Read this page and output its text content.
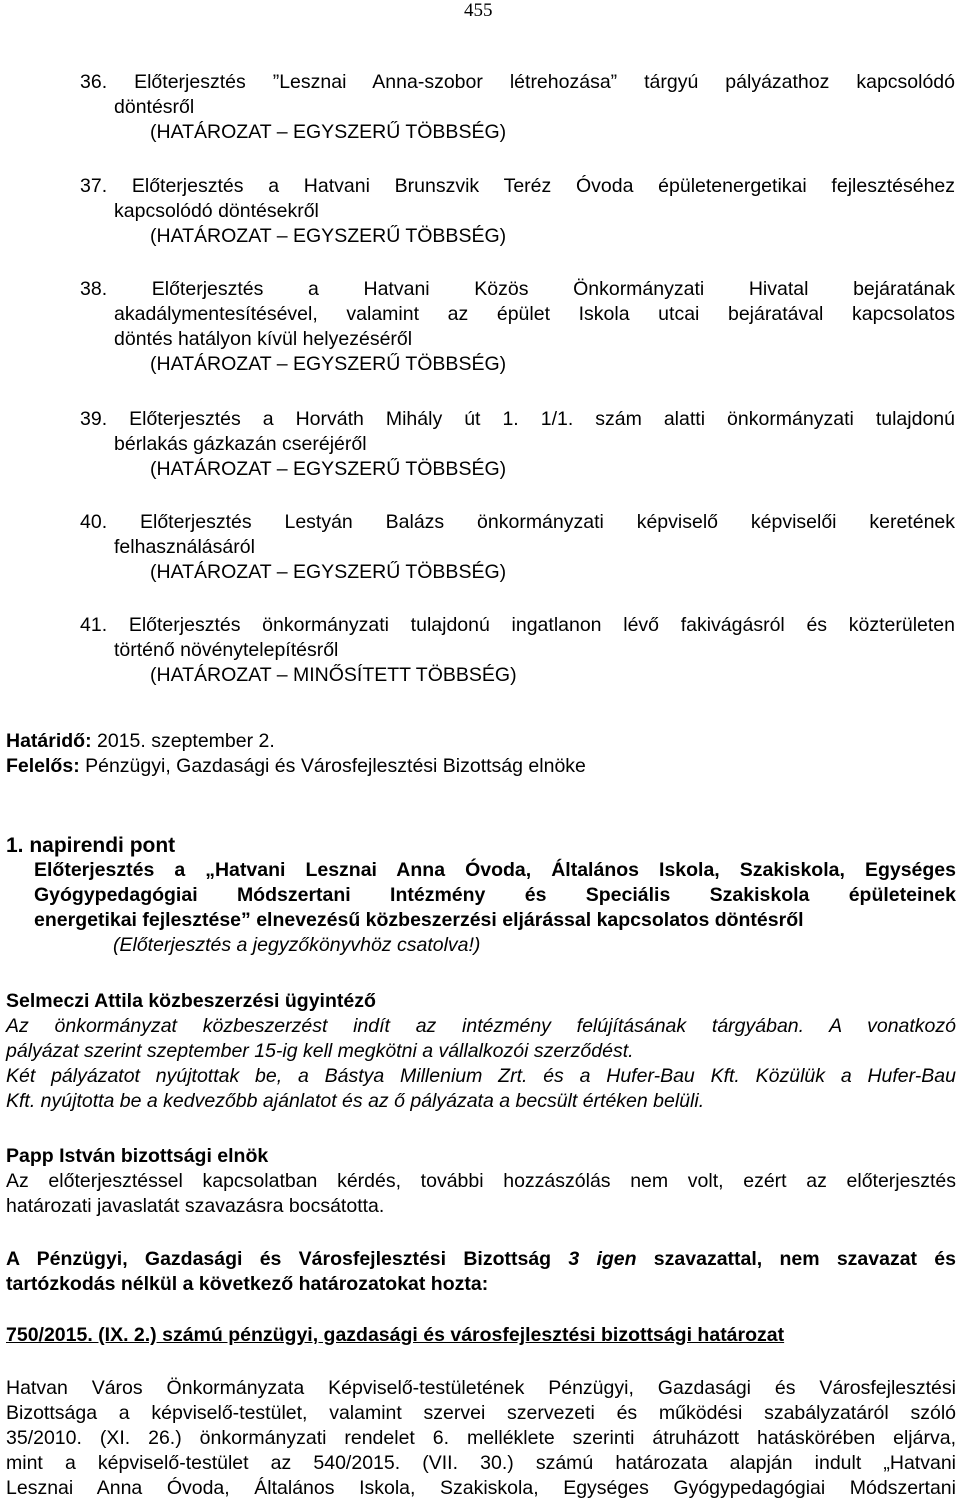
455
36. Előterjesztés ”Lesznai Anna-szobor létrehozása” tárgyú pályázathoz kapcsolódó
döntésről
(HATÁROZAT – EGYSZERŰ TÖBBSÉG)
37. Előterjesztés a Hatvani Brunszvik Teréz Óvoda épületenergetikai fejlesztéséhez
kapcsolódó döntésekről
(HATÁROZAT – EGYSZERŰ TÖBBSÉG)
38. Előterjesztés a Hatvani Közös Önkormányzati Hivatal bejáratának
akadálymentesítésével, valamint az épület Iskola utcai bejáratával kapcsolatos
döntés hatályon kívül helyezéséről
(HATÁROZAT – EGYSZERŰ TÖBBSÉG)
39. Előterjesztés a Horváth Mihály út 1. 1/1. szám alatti önkormányzati tulajdonú
bérlakás gázkazán cseréjéről
(HATÁROZAT – EGYSZERŰ TÖBBSÉG)
40. Előterjesztés Lestyán Balázs önkormányzati képviselő képviselői keretének
felhasználásáról
(HATÁROZAT – EGYSZERŰ TÖBBSÉG)
41. Előterjesztés önkormányzati tulajdonú ingatlanon lévő fakivágásról és közterületen
történő növénytelepítésről
(HATÁROZAT – MINŐSÍTETT TÖBBSÉG)
Határidő: 2015. szeptember 2.
Felelős: Pénzügyi, Gazdasági és Városfejlesztési Bizottság elnöke
1. napirendi pont
Előterjesztés a „Hatvani Lesznai Anna Óvoda, Általános Iskola, Szakiskola, Egységes
Gyógypedagógiai Módszertani Intézmény és Speciális Szakiskola épületeinek
energetikai fejlesztése” elnevezésű közbeszerzési eljárással kapcsolatos döntésről
(Előterjesztés a jegyzőkönyvhöz csatolva!)
Selmeczi Attila közbeszerzési ügyintéző
Az önkormányzat közbeszerzést indít az intézmény felújításának tárgyában. A vonatkozó
pályázat szerint szeptember 15-ig kell megkötni a vállalkozói szerződést.
Két pályázatot nyújtottak be, a Bástya Millenium Zrt. és a Hufer-Bau Kft. Közülük a Hufer-Bau
Kft. nyújtotta be a kedvezőbb ajánlatot és az ő pályázata a becsült értéken belüli.
Papp István bizottsági elnök
Az előterjesztéssel kapcsolatban kérdés, további hozzászólás nem volt, ezért az előterjesztés
határozati javaslatát szavazásra bocsátotta.
A Pénzügyi, Gazdasági és Városfejlesztési Bizottság 3 igen szavazattal, nem szavazat és
tartózkodás nélkül a következő határozatokat hozta:
750/2015. (IX. 2.) számú pénzügyi, gazdasági és városfejlesztési bizottsági határozat
Hatvan Város Önkormányzata Képviselő-testületének Pénzügyi, Gazdasági és Városfejlesztési
Bizottsága a képviselő-testület, valamint szervei szervezeti és működési szabályzatáról szóló
35/2010. (XI. 26.) önkormányzati rendelet 6. melléklete szerinti átruházott hatáskörében eljárva,
mint a képviselő-testület az 540/2015. (VII. 30.) számú határozata alapján indult „Hatvani
Lesznai Anna Óvoda, Általános Iskola, Szakiskola, Egységes Gyógypedagógiai Módszertani
